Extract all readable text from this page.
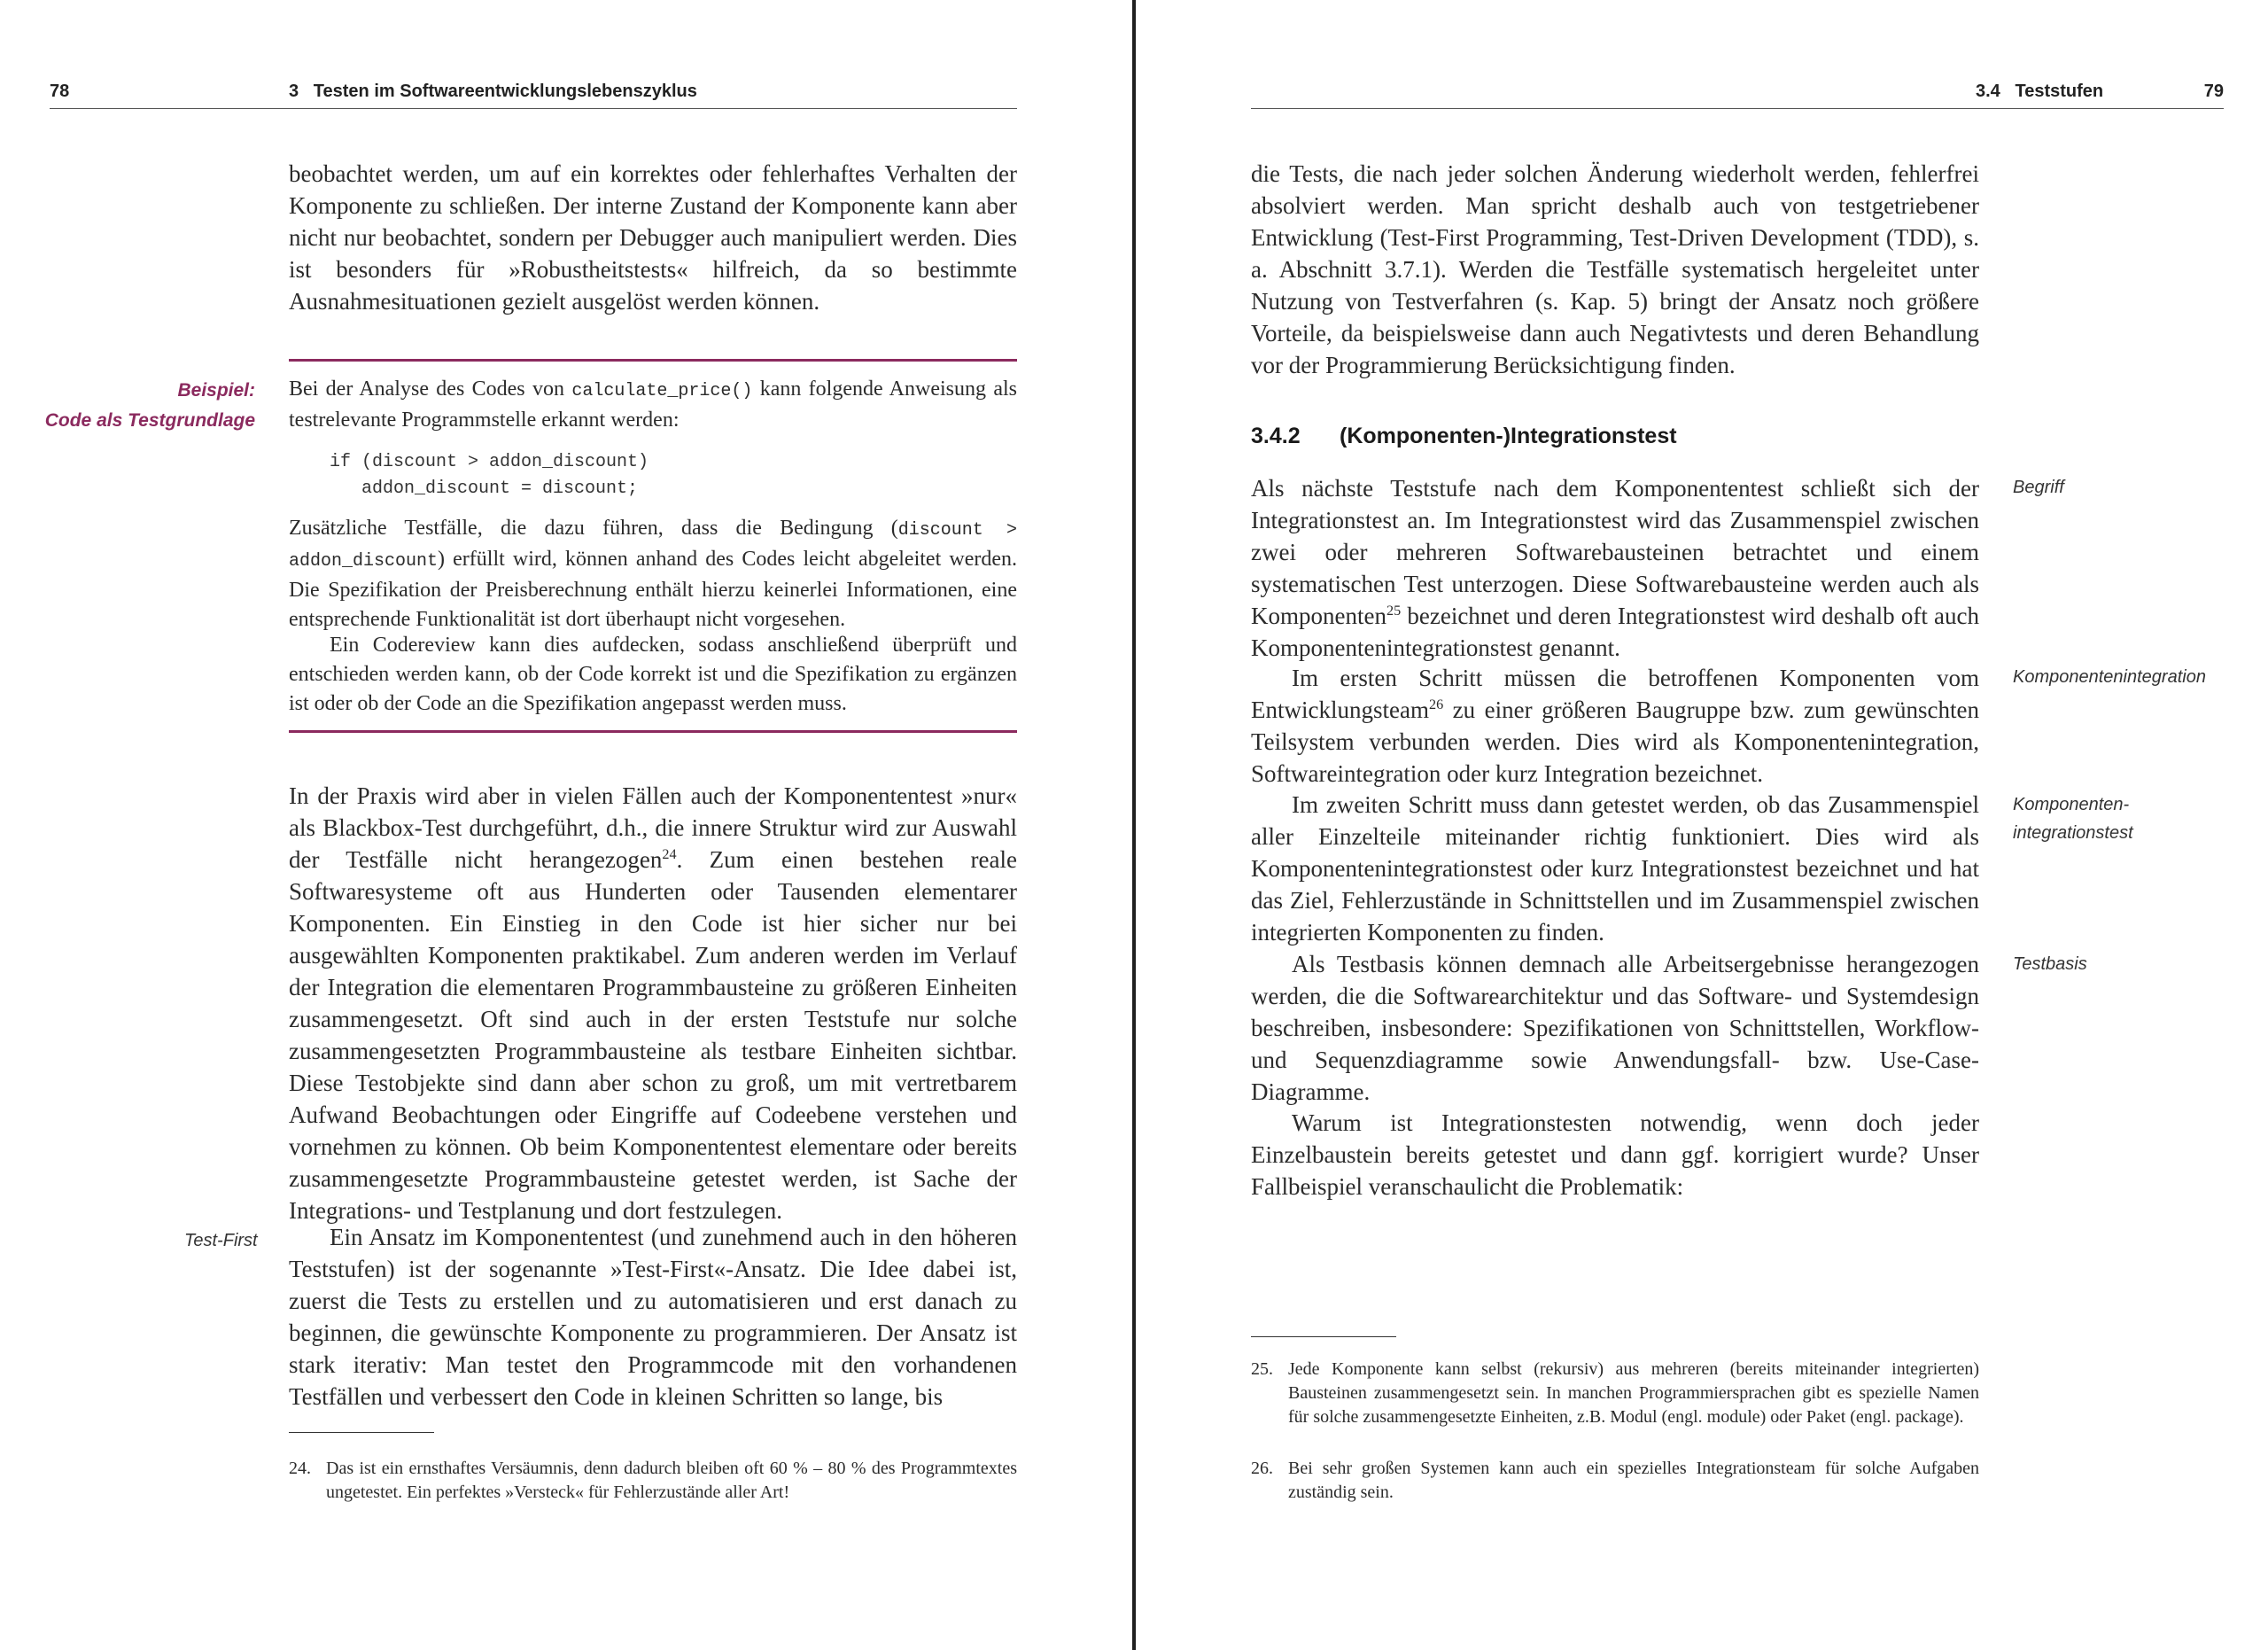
78	3   Testen im Softwareentwicklungslebenszyklus
beobachtet werden, um auf ein korrektes oder fehlerhaftes Verhalten der Komponente zu schließen. Der interne Zustand der Komponente kann aber nicht nur beobachtet, sondern per Debugger auch manipuliert werden. Dies ist besonders für »Robustheitstests« hilfreich, da so bestimmte Ausnahmesituationen gezielt ausgelöst werden können.
Beispiel:
Code als Testgrundlage
Bei der Analyse des Codes von calculate_price() kann folgende Anweisung als testrelevante Programmstelle erkannt werden:
if (discount > addon_discount)
addon_discount = discount;
Zusätzliche Testfälle, die dazu führen, dass die Bedingung (discount > addon_discount) erfüllt wird, können anhand des Codes leicht abgeleitet werden. Die Spezifikation der Preisberechnung enthält hierzu keinerlei Informationen, eine entsprechende Funktionalität ist dort überhaupt nicht vorgesehen.
Ein Codereview kann dies aufdecken, sodass anschließend überprüft und entschieden werden kann, ob der Code korrekt ist und die Spezifikation zu ergänzen ist oder ob der Code an die Spezifikation angepasst werden muss.
In der Praxis wird aber in vielen Fällen auch der Komponententest »nur« als Blackbox-Test durchgeführt, d.h., die innere Struktur wird zur Auswahl der Testfälle nicht herangezogen$^{24}$. Zum einen bestehen reale Softwaresysteme oft aus Hunderten oder Tausenden elementarer Komponenten. Ein Einstieg in den Code ist hier sicher nur bei ausgewählten Komponenten praktikabel. Zum anderen werden im Verlauf der Integration die elementaren Programmbausteine zu größeren Einheiten zusammengesetzt. Oft sind auch in der ersten Teststufe nur solche zusammengesetzten Programmbausteine als testbare Einheiten sichtbar. Diese Testobjekte sind dann aber schon zu groß, um mit vertretbarem Aufwand Beobachtungen oder Eingriffe auf Codeebene verstehen und vornehmen zu können. Ob beim Komponententest elementare oder bereits zusammengesetzte Programmbausteine getestet werden, ist Sache der Integrations- und Testplanung und dort festzulegen.
Test-First	Ein Ansatz im Komponententest (und zunehmend auch in den höheren Teststufen) ist der sogenannte »Test-First«-Ansatz. Die Idee dabei ist, zuerst die Tests zu erstellen und zu automatisieren und erst danach zu beginnen, die gewünschte Komponente zu programmieren. Der Ansatz ist stark iterativ: Man testet den Programmcode mit den vorhandenen Testfällen und verbessert den Code in kleinen Schritten so lange, bis
24. Das ist ein ernsthaftes Versäumnis, denn dadurch bleiben oft 60 % – 80 % des Programmtextes ungetestet. Ein perfektes »Versteck« für Fehlerzustände aller Art!
3.4   Teststufen	79
die Tests, die nach jeder solchen Änderung wiederholt werden, fehlerfrei absolviert werden. Man spricht deshalb auch von testgetriebener Entwicklung (Test-First Programming, Test-Driven Development (TDD), s. a. Abschnitt 3.7.1). Werden die Testfälle systematisch hergeleitet unter Nutzung von Testverfahren (s. Kap. 5) bringt der Ansatz noch größere Vorteile, da beispielsweise dann auch Negativtests und deren Behandlung vor der Programmierung Berücksichtigung finden.
3.4.2 (Komponenten-)Integrationstest
Begriff
Komponentenintegration
Komponenten-
integrationstest
Testbasis
Als nächste Teststufe nach dem Komponententest schließt sich der Integrationstest an. Im Integrationstest wird das Zusammenspiel zwischen zwei oder mehreren Softwarebausteinen betrachtet und einem systematischen Test unterzogen. Diese Softwarebausteine werden auch als Komponenten$^{25}$ bezeichnet und deren Integrationstest wird deshalb oft auch Komponentenintegrationstest genannt.
Im ersten Schritt müssen die betroffenen Komponenten vom Entwicklungsteam$^{26}$ zu einer größeren Baugruppe bzw. zum gewünschten Teilsystem verbunden werden. Dies wird als Komponentenintegration, Softwareintegration oder kurz Integration bezeichnet.
Im zweiten Schritt muss dann getestet werden, ob das Zusammenspiel aller Einzelteile miteinander richtig funktioniert. Dies wird als Komponentenintegrationstest oder kurz Integrationstest bezeichnet und hat das Ziel, Fehlerzustände in Schnittstellen und im Zusammenspiel zwischen integrierten Komponenten zu finden.
Als Testbasis können demnach alle Arbeitsergebnisse herangezogen werden, die die Softwarearchitektur und das Software- und Systemdesign beschreiben, insbesondere: Spezifikationen von Schnittstellen, Workflow- und Sequenzdiagramme sowie Anwendungsfall- bzw. Use-Case-Diagramme.
Warum ist Integrationstesten notwendig, wenn doch jeder Einzelbaustein bereits getestet und dann ggf. korrigiert wurde? Unser Fallbeispiel veranschaulicht die Problematik:
25. Jede Komponente kann selbst (rekursiv) aus mehreren (bereits miteinander integrierten) Bausteinen zusammengesetzt sein. In manchen Programmiersprachen gibt es spezielle Namen für solche zusammengesetzte Einheiten, z.B. Modul (engl. module) oder Paket (engl. package).
26. Bei sehr großen Systemen kann auch ein spezielles Integrationsteam für solche Aufgaben zuständig sein.
